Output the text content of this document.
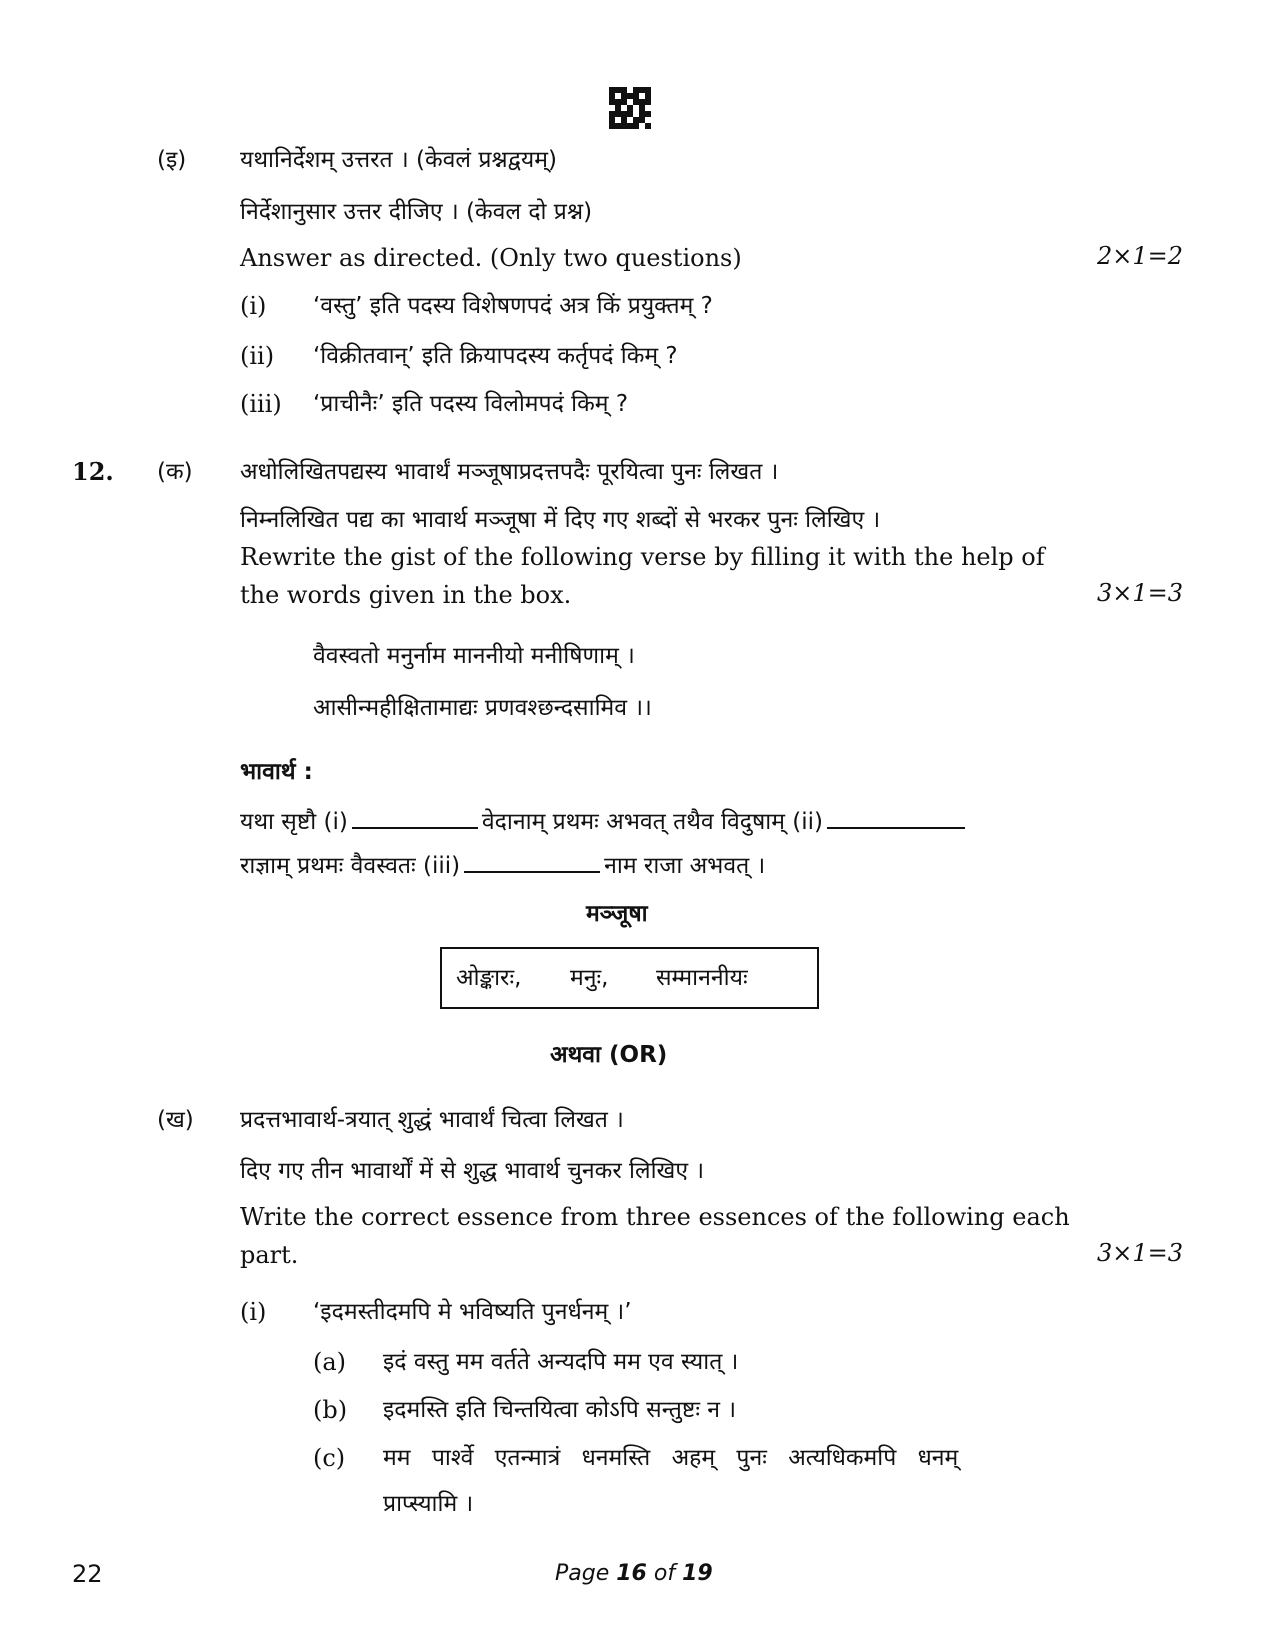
(इ) यथानिर्देशम् उत्तरत । (केवलं प्रश्नद्वयम्)
निर्देशानुसार उत्तर दीजिए । (केवल दो प्रश्न)
Answer as directed. (Only two questions)	2×1=2
(i) ‘वस्तु’ इति पदस्य विशेषणपदं अत्र किं प्रयुक्तम् ?
(ii) ‘विक्रीतवान्’ इति क्रियापदस्य कर्तृपदं किम् ?
(iii) ‘प्राचीनैः’ इति पदस्य विलोमपदं किम् ?
12. (क) अधोलिखितपद्यस्य भावार्थं मञ्जूषाप्रदत्तपदैः पूरयित्वा पुनः लिखत ।
निम्नलिखित पद्य का भावार्थ मञ्जूषा में दिए गए शब्दों से भरकर पुनः लिखिए ।
Rewrite the gist of the following verse by filling it with the help of
the words given in the box.	3×1=3
वैवस्वतो मनुर्नाम माननीयो मनीषिणाम् ।
आसीन्महीक्षितामाद्यः प्रणवश्छन्दसामिव ।।
भावार्थ :
यथा सृष्टौ (i)	वेदानाम् प्रथमः अभवत् तथैव विदुषाम् (ii)
राज्ञाम् प्रथमः वैवस्वतः (iii)	नाम राजा अभवत् ।
मञ्जूषा
ओङ्कारः, मनुः, सम्माननीयः
अथवा (OR)
(ख) प्रदत्तभावार्थ-त्रयात् शुद्धं भावार्थं चित्वा लिखत ।
दिए गए तीन भावार्थों में से शुद्ध भावार्थ चुनकर लिखिए ।
Write the correct essence from three essences of the following each
part.	3×1=3
(i) ‘इदमस्तीदमपि मे भविष्यति पुनर्धनम् ।’
(a) इदं वस्तु मम वर्तते अन्यदपि मम एव स्यात् ।
(b) इदमस्ति इति चिन्तयित्वा कोऽपि सन्तुष्टः न ।
(c) मम पार्श्वे एतन्मात्रं धनमस्ति अहम् पुनः अत्यधिकमपि धनम्
प्राप्स्यामि ।
22	Page 16 of 19
